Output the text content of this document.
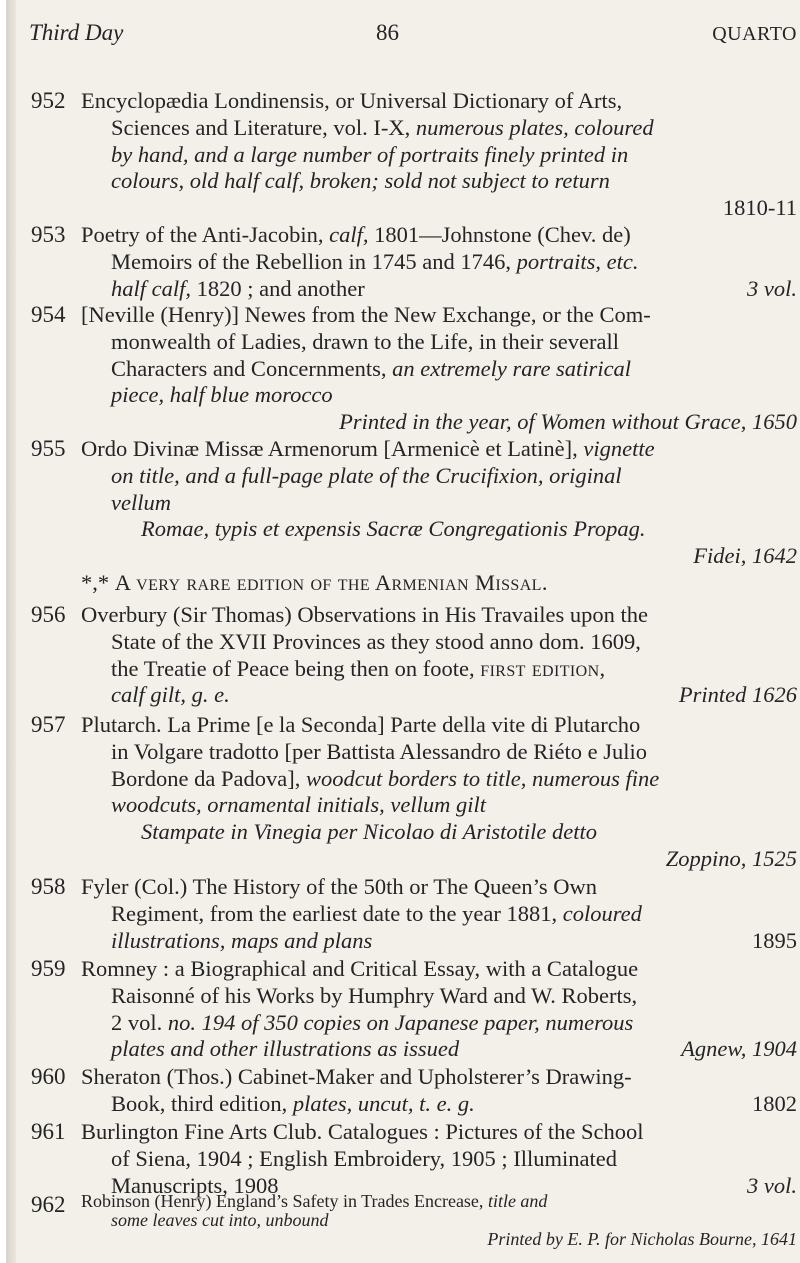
Third Day	86	QUARTO
952 Encyclopædia Londinensis, or Universal Dictionary of Arts,

Sciences and Literature, vol. I-X, numerous plates, coloured

by hand, and a large number of portraits finely printed in

colours, old half calf, broken; sold not subject to return

1810-11

953 Poetry of the Anti-Jacobin, calf, 1801—Johnstone (Chev. de)

Memoirs of the Rebellion in 1745 and 1746, portraits, etc.

half calf, 1820 ; and another	3 vol.

954 [Neville (Henry)] Newes from the New Exchange, or the Com-

monwealth of Ladies, drawn to the Life, in their severall

Characters and Concernments, an extremely rare satirical

piece, half blue morocco

Printed in the year, of Women without Grace, 1650

955 Ordo Divinæ Missæ Armenorum [Armenicè et Latinè], vignette

on title, and a full-page plate of the Crucifixion, original

vellum

Romae, typis et expensis Sacræ Congregationis Propag.

Fidei, 1642

*,* A very rare edition of the Armenian Missal.

956 Overbury (Sir Thomas) Observations in His Travailes upon the

State of the XVII Provinces as they stood anno dom. 1609,

the Treatie of Peace being then on foote, first edition,

calf gilt, g. e.	Printed 1626

957 Plutarch. La Prime [e la Seconda] Parte della vite di Plutarcho

in Volgare tradotto [per Battista Alessandro de Riéto e Julio

Bordone da Padova], woodcut borders to title, numerous fine

woodcuts, ornamental initials, vellum gilt

Stampate in Vinegia per Nicolao di Aristotile detto

Zoppino, 1525

958 Fyler (Col.) The History of the 50th or The Queen’s Own

Regiment, from the earliest date to the year 1881, coloured

illustrations, maps and plans	1895

959 Romney : a Biographical and Critical Essay, with a Catalogue

Raisonné of his Works by Humphry Ward and W. Roberts,

2 vol. no. 194 of 350 copies on Japanese paper, numerous

plates and other illustrations as issued	Agnew, 1904

960 Sheraton (Thos.) Cabinet-Maker and Upholsterer’s Drawing-

Book, third edition, plates, uncut, t. e. g.	1802

961 Burlington Fine Arts Club. Catalogues : Pictures of the School

of Siena, 1904 ; English Embroidery, 1905 ; Illuminated

Manuscripts, 1908	3 vol.

962 Robinson (Henry) England’s Safety in Trades Encrease, title and

some leaves cut into, unbound

Printed by E. P. for Nicholas Bourne, 1641
